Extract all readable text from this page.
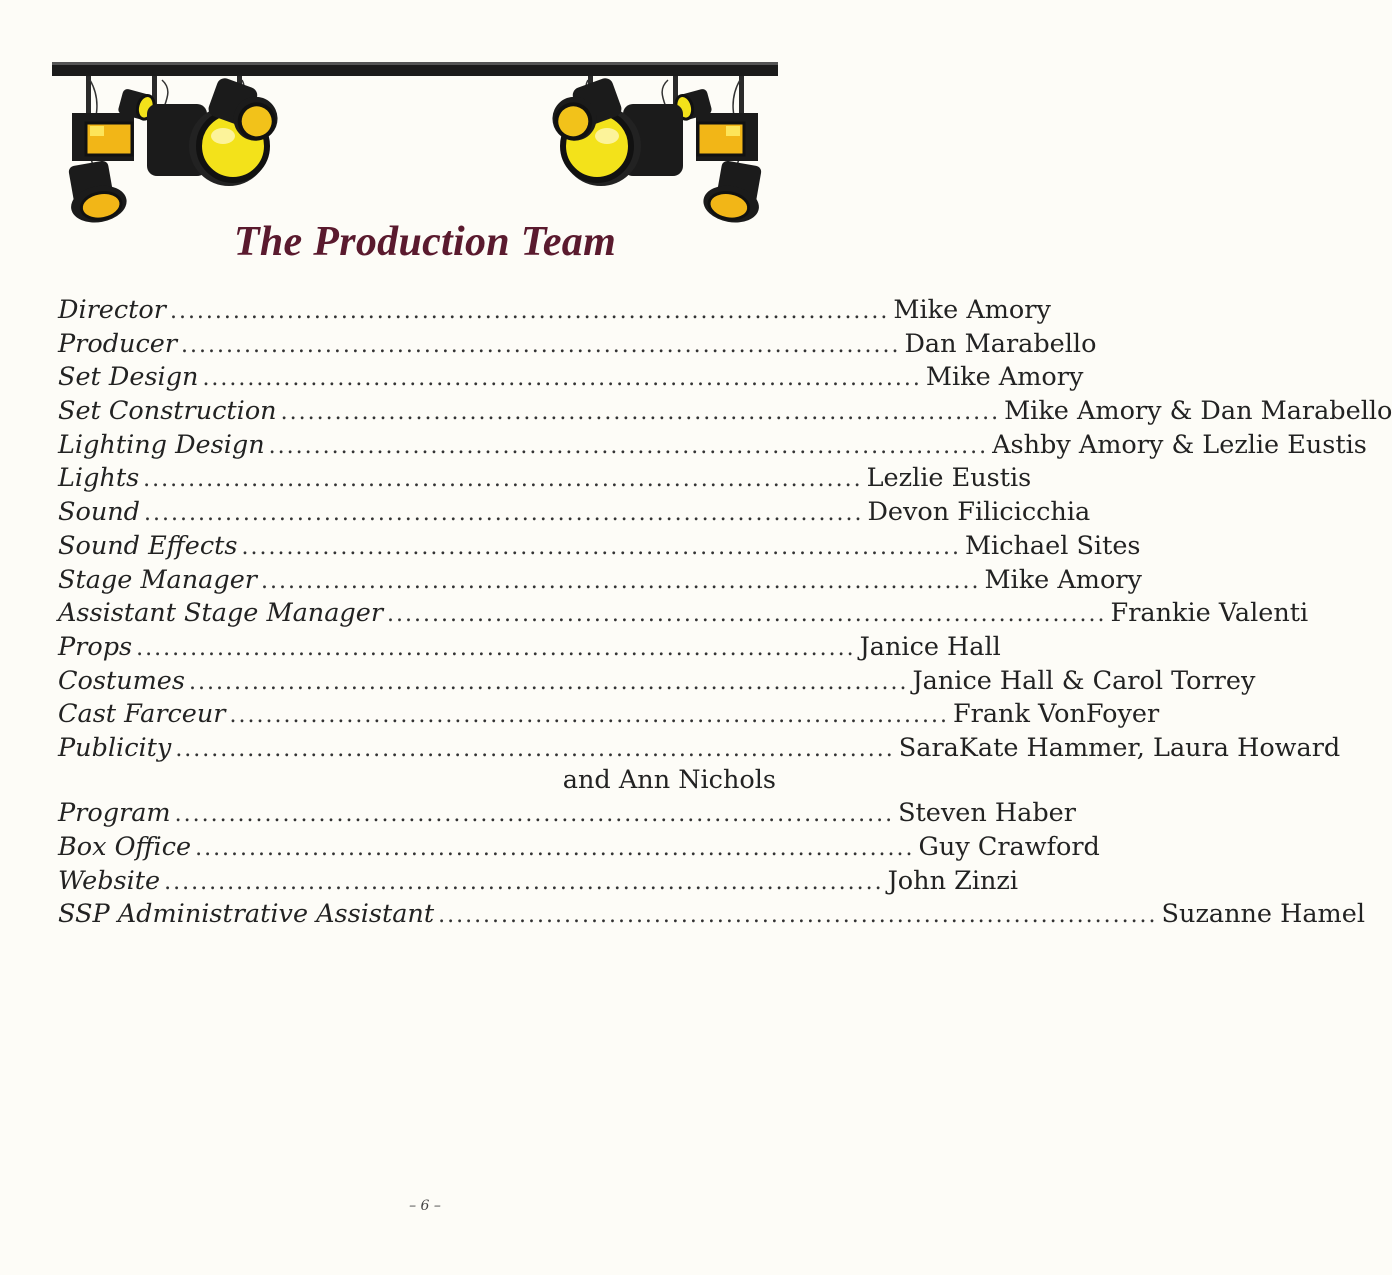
The Production Team
Director ................................................................................ Mike Amory
Producer ................................................................................ Dan Marabello
Set Design ................................................................................ Mike Amory
Set Construction ................................................................................ Mike Amory & Dan Marabello
Lighting Design ................................................................................ Ashby Amory & Lezlie Eustis
Lights ................................................................................ Lezlie Eustis
Sound ................................................................................ Devon Filicicchia
Sound Effects ................................................................................ Michael Sites
Stage Manager ................................................................................ Mike Amory
Assistant Stage Manager ................................................................................ Frankie Valenti
Props ................................................................................ Janice Hall
Costumes ................................................................................ Janice Hall & Carol Torrey
Cast Farceur ................................................................................ Frank VonFoyer
Publicity ................................................................................ SaraKate Hammer, Laura Howard
and Ann Nichols
Program ................................................................................ Steven Haber
Box Office ................................................................................ Guy Crawford
Website ................................................................................ John Zinzi
SSP Administrative Assistant ................................................................................ Suzanne Hamel
– 6 –
